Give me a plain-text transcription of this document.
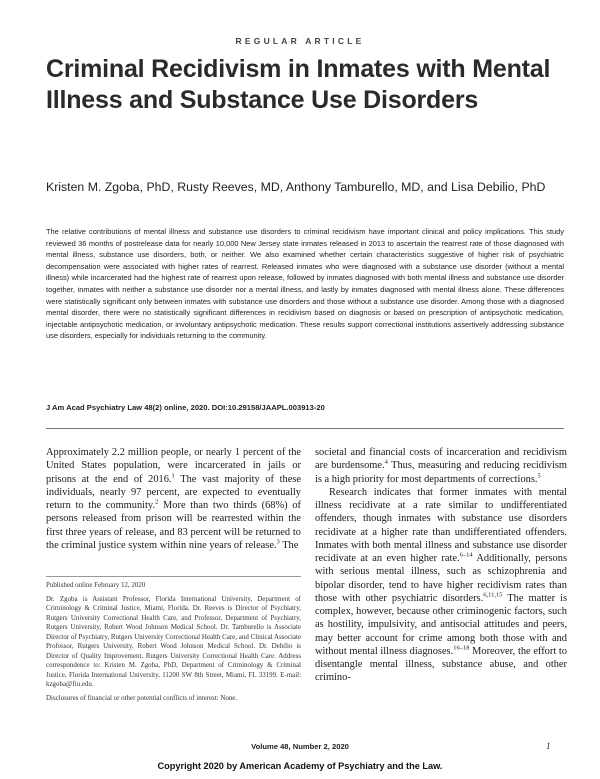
REGULAR ARTICLE
Criminal Recidivism in Inmates with Mental Illness and Substance Use Disorders
Kristen M. Zgoba, PhD, Rusty Reeves, MD, Anthony Tamburello, MD, and Lisa Debilio, PhD
The relative contributions of mental illness and substance use disorders to criminal recidivism have important clinical and policy implications. This study reviewed 36 months of postrelease data for nearly 10,000 New Jersey state inmates released in 2013 to ascertain the rearrest rate of those diagnosed with mental illness, substance use disorders, both, or neither. We also examined whether certain characteristics suggestive of higher risk of psychiatric decompensation were associated with higher rates of rearrest. Released inmates who were diagnosed with a substance use disorder (without a mental illness) while incarcerated had the highest rate of rearrest upon release, followed by inmates diagnosed with both mental illness and substance use disorder together, inmates with neither a substance use disorder nor a mental illness, and lastly by inmates diagnosed with mental illness alone. These differences were statistically significant only between inmates with substance use disorders and those without a substance use disorder. Among those with a diagnosed mental disorder, there were no statistically significant differences in recidivism based on diagnosis or based on prescription of antipsychotic medication, injectable antipsychotic medication, or involuntary antipsychotic medication. These results support correctional institutions assertively addressing substance use disorders, especially for individuals returning to the community.
J Am Acad Psychiatry Law 48(2) online, 2020. DOI:10.29158/JAAPL.003913-20

Approximately 2.2 million people, or nearly 1 percent of the United States population, were incarcerated in jails or prisons at the end of 2016.$^1$ The vast majority of these individuals, nearly 97 percent, are expected to eventually return to the community.$^2$ More than two thirds (68%) of persons released from prison will be rearrested within the first three years of release, and 83 percent will be returned to the criminal justice system within nine years of release.$^3$ The

Published online February 12, 2020

Dr. Zgoba is Assistant Professor, Florida International University, Department of Criminology & Criminal Justice, Miami, Florida. Dr. Reeves is Director of Psychiatry, Rutgers University Correctional Health Care, and Professor, Department of Psychiatry, Rutgers University, Robert Wood Johnson Medical School. Dr. Tamburello is Associate Director of Psychiatry, Rutgers University Correctional Health Care, and Clinical Associate Professor, Rutgers University, Robert Wood Johnson Medical School. Dr. Debilio is Director of Quality Improvement, Rutgers University Correctional Health Care. Address correspondence to: Kristen M. Zgoba, PhD, Department of Criminology & Criminal Justice, Florida International University, 11200 SW 8th Street, Miami, FL 33199. E-mail: kzgoba@fiu.edu.

Disclosures of financial or other potential conflicts of interest: None.

societal and financial costs of incarceration and recidivism are burdensome.$^4$ Thus, measuring and reducing recidivism is a high priority for most departments of corrections.$^5$

Research indicates that former inmates with mental illness recidivate at a rate similar to undifferentiated offenders, though inmates with substance use disorders recidivate at a higher rate than undifferentiated offenders. Inmates with both mental illness and substance use disorder recidivate at an even higher rate.$^{6-14}$ Additionally, persons with serious mental illness, such as schizophrenia and bipolar disorder, tend to have higher recidivism rates than those with other psychiatric disorders.$^{6,11,15}$ The matter is complex, however, because other criminogenic factors, such as hostility, impulsivity, and antisocial attitudes and peers, may better account for crime among both those with and without mental illness diagnoses.$^{16-18}$ Moreover, the effort to disentangle mental illness, substance abuse, and other crimino-

Volume 48, Number 2, 2020	1
Copyright 2020 by American Academy of Psychiatry and the Law.
